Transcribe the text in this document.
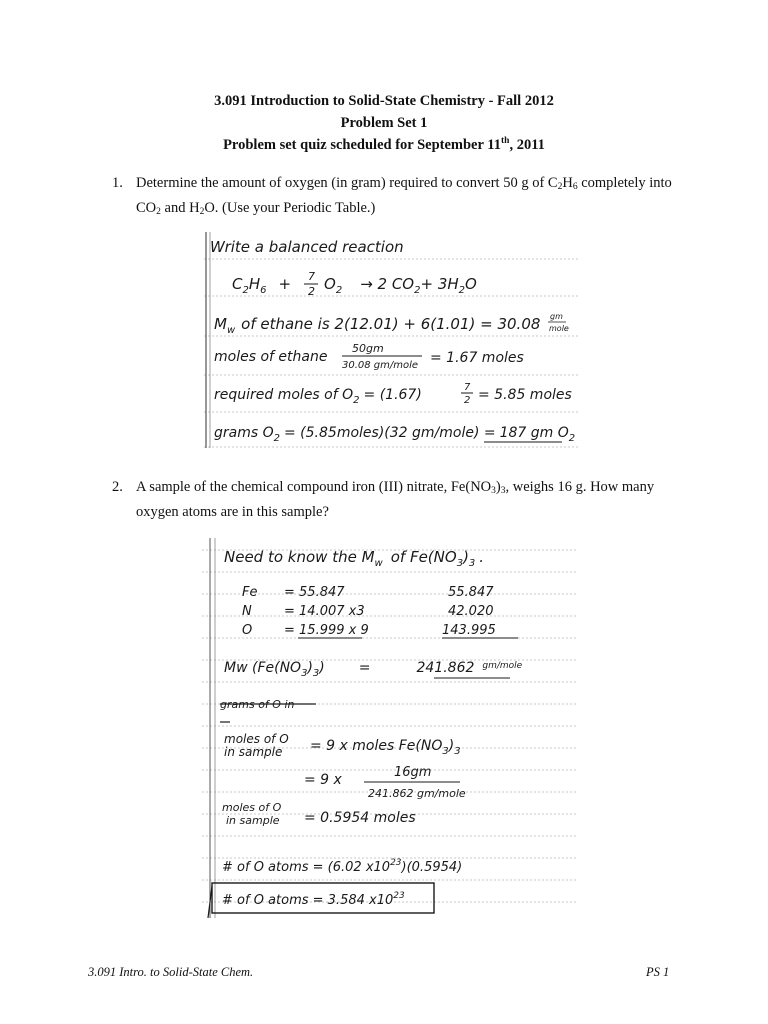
3.091 Introduction to Solid-State Chemistry - Fall 2012
Problem Set 1
Problem set quiz scheduled for September 11th, 2011
1. Determine the amount of oxygen (in gram) required to convert 50 g of $C_2H_6$ completely into $CO_2$ and $H_2O$. (Use your Periodic Table.)
Write a balanced reaction
$C_2H_6 + 7$
2 $O_2 \to 2$ $CO_2+ 3H_2O$
$M_w$ of ethane is 2(12.01) + 6(1.01) = 30.08 gm
mole
moles of ethane
50gm
30.08 gm/mole = 1.67 moles
required moles of $O_2 = (1.67)$	7
2 = 5.85 moles
grams $O_2$ = (5.85moles)(32 gm/mole) = 187 gm $O_2$
2. A sample of the chemical compound iron (III) nitrate, $Fe(NO_3)_3$, weighs 16 g. How many oxygen atoms are in this sample?
Need to know the $M_w$ of $Fe(NO_3)_3$ .
Fe = 55.847	55.847
N = 14.007 x3	42.020
O = 15.999 x 9	143.995
Mw $(Fe(NO_3)_3)$ =	241.862 $^{gm/mole}$
grams of O in
moles of O
in sample = 9 x moles $Fe(NO_3)_3$
= 9 x	16gm
241.862 gm/mole
moles of O
in sample = 0.5954 moles
# of O atoms = (6.02 $x10^{23})(0.5954)$
# of O atoms = 3.584 $x10^{23}$
3.091 Intro. to Solid-State Chem.	PS 1
